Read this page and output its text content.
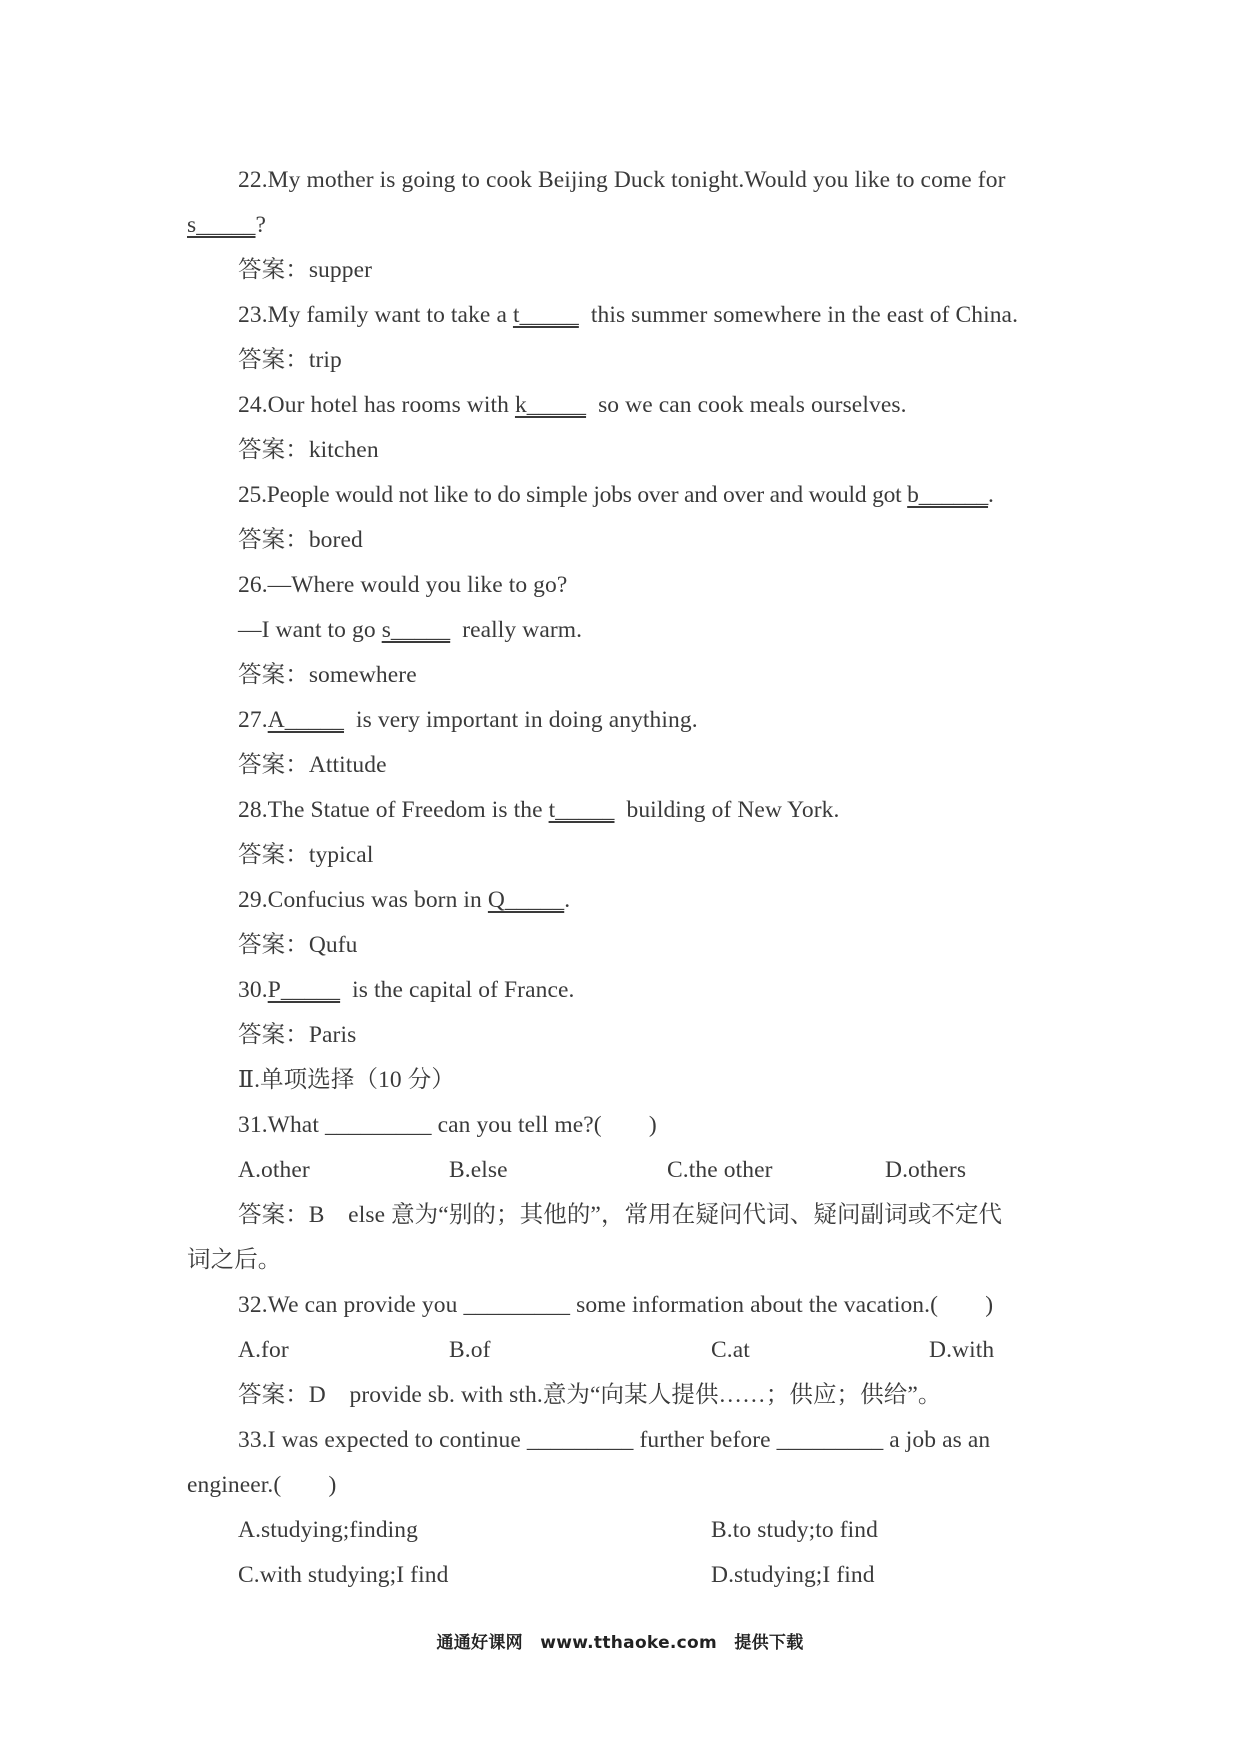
22.My mother is going to cook Beijing Duck tonight.Would you like to come for
s_____?
答案：supper
23.My family want to take a t_____ this summer somewhere in the east of China.
答案：trip
24.Our hotel has rooms with k_____ so we can cook meals ourselves.
答案：kitchen
25.People would not like to do simple jobs over and over and would got b______.
答案：bored
26.—Where would you like to go?
—I want to go s_____ really warm.
答案：somewhere
27.A_____ is very important in doing anything.
答案：Attitude
28.The Statue of Freedom is the t_____ building of New York.
答案：typical
29.Confucius was born in Q_____.
答案：Qufu
30.P_____ is the capital of France.
答案：Paris
Ⅱ.单项选择（10 分）
31.What _________ can you tell me?(　　)
A.other	B.else	C.the other	D.others
答案：B　else 意为“别的；其他的”，常用在疑问代词、疑问副词或不定代
词之后。
32.We can provide you _________ some information about the vacation.(　　)
A.for	B.of	C.at	D.with
答案：D　provide sb. with sth.意为“向某人提供……；供应；供给”。
33.I was expected to continue _________ further before _________ a job as an
engineer.(　　)
A.studying;finding	B.to study;to find
C.with studying;I find	D.studying;I find
通通好课网　www.tthaoke.com　提供下载
